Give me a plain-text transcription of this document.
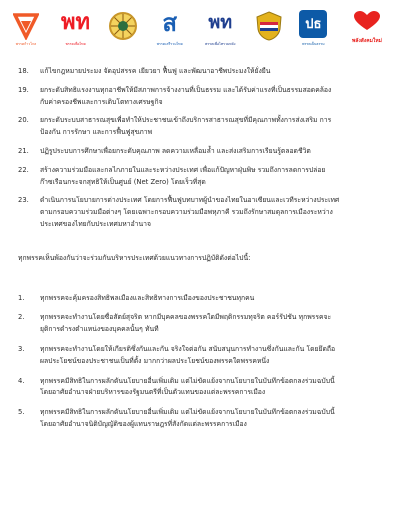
พรรคก้าวไกล
พท
พรรคเพื่อไทย
ส
พรรคเสรีรวมไทย
พท
พรรคเพื่อไทรวมพลัง
ปธ
พรรคเป็นธรรม	พลังสังคมใหม่
18.	แก้ไขกฎหมายประมง จัดอุปสรรค เยียวยา ฟื้นฟู และพัฒนาอาชีพประมงให้ยั่งยืน
19.	ยกระดับสิทธิแรงงานทุกอาชีพให้มีสภาพการจ้างงานที่เป็นธรรม และได้รับค่าแรงที่เป็นธรรมสอดคล้อง
กับค่าครองชีพและการเติบโตทางเศรษฐกิจ
20.	ยกระดับระบบสาธารณสุขเพื่อทำให้ประชาชนเข้าถึงบริการสาธารณสุขที่มีคุณภาพทั้งการส่งเสริม การ
ป้องกัน การรักษา และการฟื้นฟูสุขภาพ
21.	ปฏิรูประบบการศึกษาเพื่อยกระดับคุณภาพ ลดความเหลื่อมล้ำ และส่งเสริมการเรียนรู้ตลอดชีวิต
22.	สร้างความร่วมมือและกลไกภายในและระหว่างประเทศ เพื่อแก้ปัญหาฝุ่นพิษ รวมถึงการลดการปล่อย
ก๊าซเรือนกระจกสุทธิให้เป็นศูนย์ (Net Zero) โดยเร็วที่สุด
23.	ดำเนินการนโยบายการต่างประเทศ โดยการฟื้นฟูบทบาทผู้นำของไทยในอาเซียนและเวทีระหว่างประเทศ
ตามกรอบความร่วมมือต่างๆ โดยเฉพาะกรอบความร่วมมือพหุภาคี รวมถึงรักษาสมดุลการเมืองระหว่าง
ประเทศของไทยกับประเทศมหาอำนาจ
ทุกพรรคเห็นพ้องกันว่าจะร่วมกันบริหารประเทศด้วยแนวทางการปฏิบัติดังต่อไปนี้:
1.	ทุกพรรคจะคุ้มครองสิทธิพลเมืองและสิทธิทางการเมืองของประชาชนทุกคน
2.	ทุกพรรคจะทำงานโดยซื่อสัตย์สุจริต หากมีบุคคลของพรรคใดมีพฤติกรรมทุจริต คอร์รัปชัน ทุกพรรคจะ
ยุติการดำรงตำแหน่งของบุคคลนั้นๆ ทันที
3.	ทุกพรรคจะทำงานโดยให้เกียรติซึ่งกันและกัน จริงใจต่อกัน สนับสนุนการทำงานซึ่งกันและกัน โดยยึดถือ
ผลประโยชน์ของประชาชนเป็นที่ตั้ง มากกว่าผลประโยชน์ของพรรคใดพรรคหนึ่ง
4.	ทุกพรรคมีสิทธิในการผลักดันนโยบายอื่นเพิ่มเติม แต่ไม่ขัดแย้งจากนโยบายในบันทึกข้อตกลงร่วมฉบับนี้
โดยอาศัยอำนาจฝ่ายบริหารของรัฐมนตรีที่เป็นตัวแทนของแต่ละพรรคการเมือง
5.	ทุกพรรคมีสิทธิในการผลักดันนโยบายอื่นเพิ่มเติม แต่ไม่ขัดแย้งจากนโยบายในบันทึกข้อตกลงร่วมฉบับนี้
โดยอาศัยอำนาจนิติบัญญัติของผู้แทนราษฎรที่สังกัดแต่ละพรรคการเมือง
